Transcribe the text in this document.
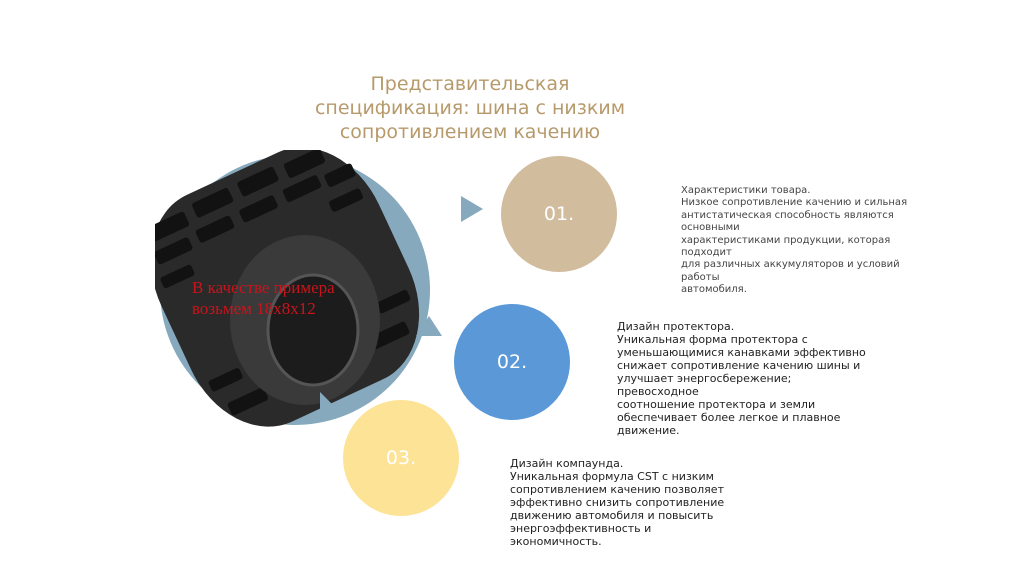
Представительская
спецификация: шина с низким
сопротивлением качению
В качестве примера
возьмем 18х8х12
01.
02.
03.
Характеристики товара.
Низкое сопротивление качению и сильная
антистатическая способность являются основными
характеристиками продукции, которая подходит
для различных аккумуляторов и условий работы
автомобиля.
Дизайн протектора.
Уникальная форма протектора с
уменьшающимися канавками эффективно
снижает сопротивление качению шины и
улучшает энергосбережение; превосходное
соотношение протектора и земли
обеспечивает более легкое и плавное
движение.
Дизайн компаунда.
Уникальная формула CST с низким
сопротивлением качению позволяет
эффективно снизить сопротивление
движению автомобиля и повысить
энергоэффективность и экономичность.
